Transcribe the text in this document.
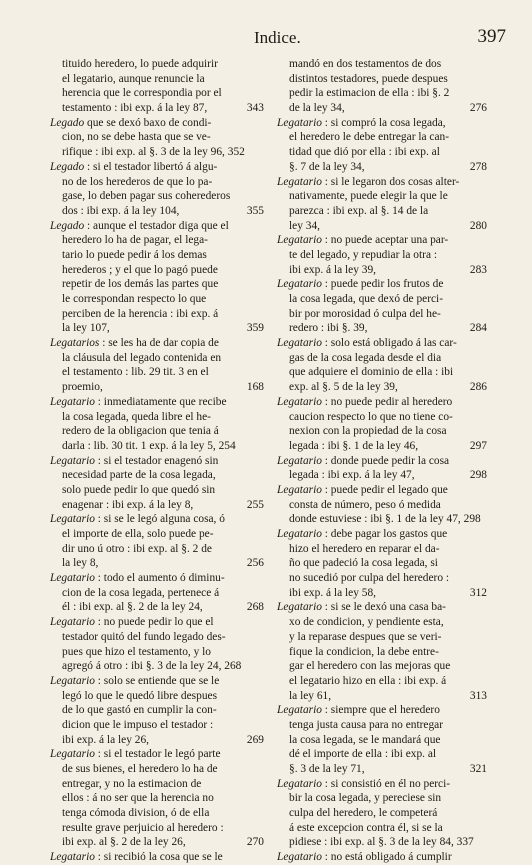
Indice.	397
tituido heredero, lo puede adquirir
el legatario, aunque renuncie la
herencia que le correspondia por el
testamento : ibi exp. á la ley 87,	343
Legado que se dexó baxo de condi-
cion, no se debe hasta que se ve-
rifique : ibi exp. al §. 3 de la ley 96, 352
Legado : si el testador libertó á algu-
no de los herederos de que lo pa-
gase, lo deben pagar sus coherederos
dos : ibi exp. á la ley 104,	355
Legado : aunque el testador diga que el
heredero lo ha de pagar, el lega-
tario lo puede pedir á los demas
herederos ; y el que lo pagó puede
repetir de los demás las partes que
le correspondan respecto lo que
perciben de la herencia : ibi exp. á
la ley 107,	359
Legatarios : se les ha de dar copia de
la cláusula del legado contenida en
el testamento : lib. 29 tit. 3 en el
proemio,	168
Legatario : inmediatamente que recibe
la cosa legada, queda libre el he-
redero de la obligacion que tenia á
darla : lib. 30 tit. 1 exp. á la ley 5, 254
Legatario : si el testador enagenó sin
necesidad parte de la cosa legada,
solo puede pedir lo que quedó sin
enagenar : ibi exp. á la ley 8,	255
Legatario : si se le legó alguna cosa, ó
el importe de ella, solo puede pe-
dir uno ú otro : ibi exp. al §. 2 de
la ley 8,	256
Legatario : todo el aumento ó diminu-
cion de la cosa legada, pertenece á
él : ibi exp. al §. 2 de la ley 24,	268
Legatario : no puede pedir lo que el
testador quitó del fundo legado des-
pues que hizo el testamento, y lo
agregó á otro : ibi §. 3 de la ley 24, 268
Legatario : solo se entiende que se le
legó lo que le quedó libre despues
de lo que gastó en cumplir la con-
dicion que le impuso el testador :
ibi exp. á la ley 26,	269
Legatario : si el testador le legó parte
de sus bienes, el heredero lo ha de
entregar, y no la estimacion de
ellos : á no ser que la herencia no
tenga cómoda division, ó de ella
resulte grave perjuicio al heredero :
ibi exp. al §. 2 de la ley 26,	270
Legatario : si recibió la cosa que se le
mandó en dos testamentos de dos
distintos testadores, puede despues
pedir la estimacion de ella : ibi §. 2
de la ley 34,	276
Legatario : si compró la cosa legada,
el heredero le debe entregar la can-
tidad que dió por ella : ibi exp. al
§. 7 de la ley 34,	278
Legatario : si le legaron dos cosas alter-
nativamente, puede elegir la que le
parezca : ibi exp. al §. 14 de la
ley 34,	280
Legatario : no puede aceptar una par-
te del legado, y repudiar la otra :
ibi exp. á la ley 39,	283
Legatario : puede pedir los frutos de
la cosa legada, que dexó de perci-
bir por morosidad ó culpa del he-
redero : ibi §. 39,	284
Legatario : solo está obligado á las car-
gas de la cosa legada desde el dia
que adquiere el dominio de ella : ibi
exp. al §. 5 de la ley 39,	286
Legatario : no puede pedir al heredero
caucion respecto lo que no tiene co-
nexion con la propiedad de la cosa
legada : ibi §. 1 de la ley 46,	297
Legatario : donde puede pedir la cosa
legada : ibi exp. á la ley 47,	298
Legatario : puede pedir el legado que
consta de número, peso ó medida
donde estuviese : ibi §. 1 de la ley 47, 298
Legatario : debe pagar los gastos que
hizo el heredero en reparar el da-
ño que padeció la cosa legada, si
no sucedió por culpa del heredero :
ibi exp. á la ley 58,	312
Legatario : si se le dexó una casa ba-
xo de condicion, y pendiente esta,
y la reparase despues que se veri-
fique la condicion, la debe entre-
gar el heredero con las mejoras que
el legatario hizo en ella : ibi exp. á
la ley 61,	313
Legatario : siempre que el heredero
tenga justa causa para no entregar
la cosa legada, se le mandará que
dé el importe de ella : ibi exp. al
§. 3 de la ley 71,	321
Legatario : si consistió en él no perci-
bir la cosa legada, y pereciese sin
culpa del heredero, le competerá
á este excepcion contra él, si se la
pidiese : ibi exp. al §. 3 de la ley 84, 337
Legatario : no está obligado á cumplir
